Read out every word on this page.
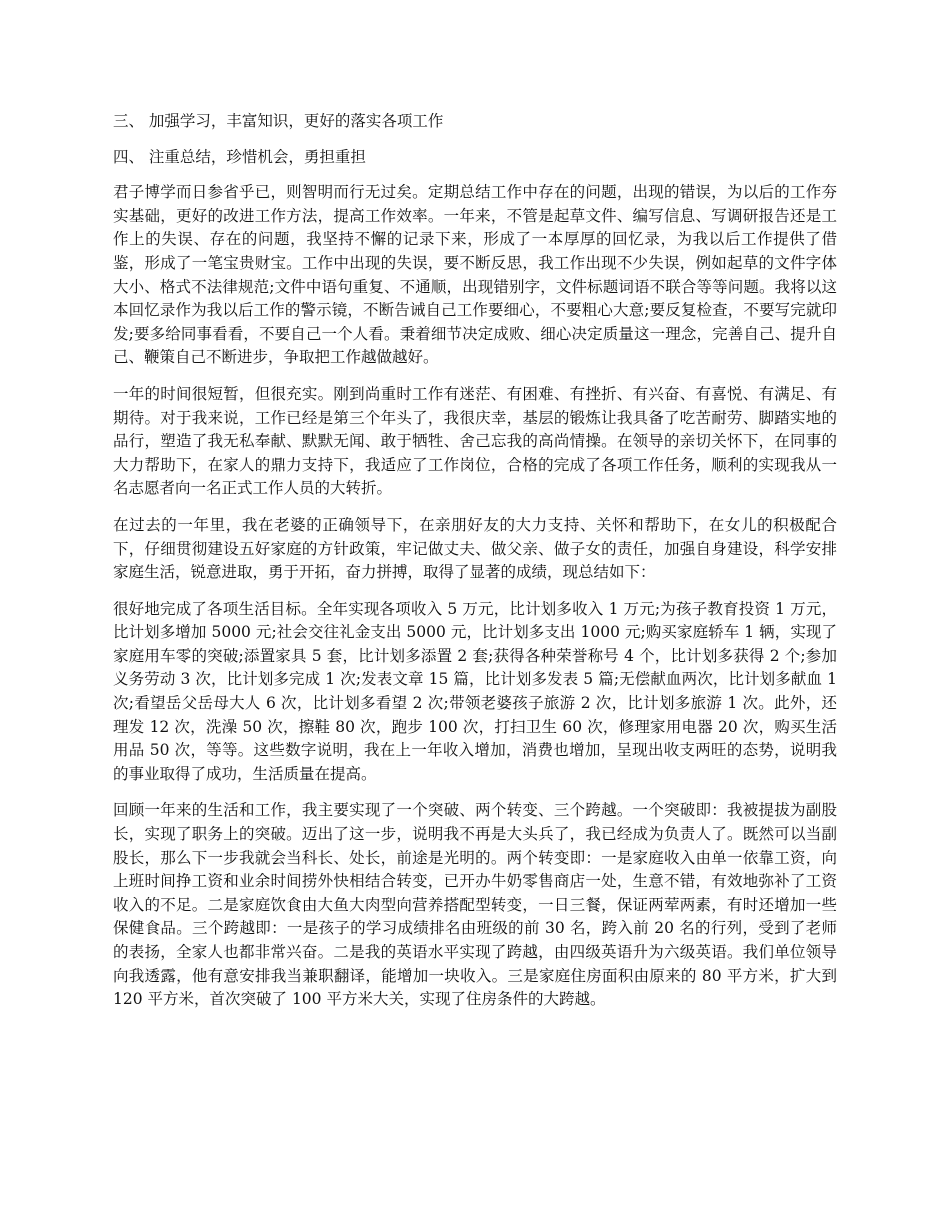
三、 加强学习，丰富知识，更好的落实各项工作

四、 注重总结，珍惜机会，勇担重担

君子博学而日参省乎已，则智明而行无过矣。定期总结工作中存在的问题，出现的错误，为以后的工作夯实基础，更好的改进工作方法，提高工作效率。一年来，不管是起草文件、编写信息、写调研报告还是工作上的失误、存在的问题，我坚持不懈的记录下来，形成了一本厚厚的回忆录，为我以后工作提供了借鉴，形成了一笔宝贵财宝。工作中出现的失误，要不断反思，我工作出现不少失误，例如起草的文件字体大小、格式不法律规范;文件中语句重复、不通顺，出现错别字，文件标题词语不联合等等问题。我将以这本回忆录作为我以后工作的警示镜，不断告诫自己工作要细心，不要粗心大意;要反复检查，不要写完就印发;要多给同事看看，不要自己一个人看。秉着细节决定成败、细心决定质量这一理念，完善自己、提升自己、鞭策自己不断进步，争取把工作越做越好。

一年的时间很短暂，但很充实。刚到尚重时工作有迷茫、有困难、有挫折、有兴奋、有喜悦、有满足、有期待。对于我来说，工作已经是第三个年头了，我很庆幸，基层的锻炼让我具备了吃苦耐劳、脚踏实地的品行，塑造了我无私奉献、默默无闻、敢于牺牲、舍己忘我的高尚情操。在领导的亲切关怀下，在同事的大力帮助下，在家人的鼎力支持下，我适应了工作岗位，合格的完成了各项工作任务，顺利的实现我从一名志愿者向一名正式工作人员的大转折。

在过去的一年里，我在老婆的正确领导下，在亲朋好友的大力支持、关怀和帮助下，在女儿的积极配合下，仔细贯彻建设五好家庭的方针政策，牢记做丈夫、做父亲、做子女的责任，加强自身建设，科学安排家庭生活，锐意进取，勇于开拓，奋力拼搏，取得了显著的成绩，现总结如下：

很好地完成了各项生活目标。全年实现各项收入 5 万元，比计划多收入 1 万元;为孩子教育投资 1 万元，比计划多增加 5000 元;社会交往礼金支出 5000 元，比计划多支出 1000 元;购买家庭轿车 1 辆，实现了家庭用车零的突破;添置家具 5 套，比计划多添置 2 套;获得各种荣誉称号 4 个，比计划多获得 2 个;参加义务劳动 3 次，比计划多完成 1 次;发表文章 15 篇，比计划多发表 5 篇;无偿献血两次，比计划多献血 1 次;看望岳父岳母大人 6 次，比计划多看望 2 次;带领老婆孩子旅游 2 次，比计划多旅游 1 次。此外，还理发 12 次，洗澡 50 次，擦鞋 80 次，跑步 100 次，打扫卫生 60 次，修理家用电器 20 次，购买生活用品 50 次，等等。这些数字说明，我在上一年收入增加，消费也增加，呈现出收支两旺的态势，说明我的事业取得了成功，生活质量在提高。

回顾一年来的生活和工作，我主要实现了一个突破、两个转变、三个跨越。一个突破即：我被提拔为副股长，实现了职务上的突破。迈出了这一步，说明我不再是大头兵了，我已经成为负责人了。既然可以当副股长，那么下一步我就会当科长、处长，前途是光明的。两个转变即：一是家庭收入由单一依靠工资，向上班时间挣工资和业余时间捞外快相结合转变，已开办牛奶零售商店一处，生意不错，有效地弥补了工资收入的不足。二是家庭饮食由大鱼大肉型向营养搭配型转变，一日三餐，保证两荤两素，有时还增加一些保健食品。三个跨越即：一是孩子的学习成绩排名由班级的前 30 名，跨入前 20 名的行列，受到了老师的表扬，全家人也都非常兴奋。二是我的英语水平实现了跨越，由四级英语升为六级英语。我们单位领导向我透露，他有意安排我当兼职翻译，能增加一块收入。三是家庭住房面积由原来的 80 平方米，扩大到 120 平方米，首次突破了 100 平方米大关，实现了住房条件的大跨越。
